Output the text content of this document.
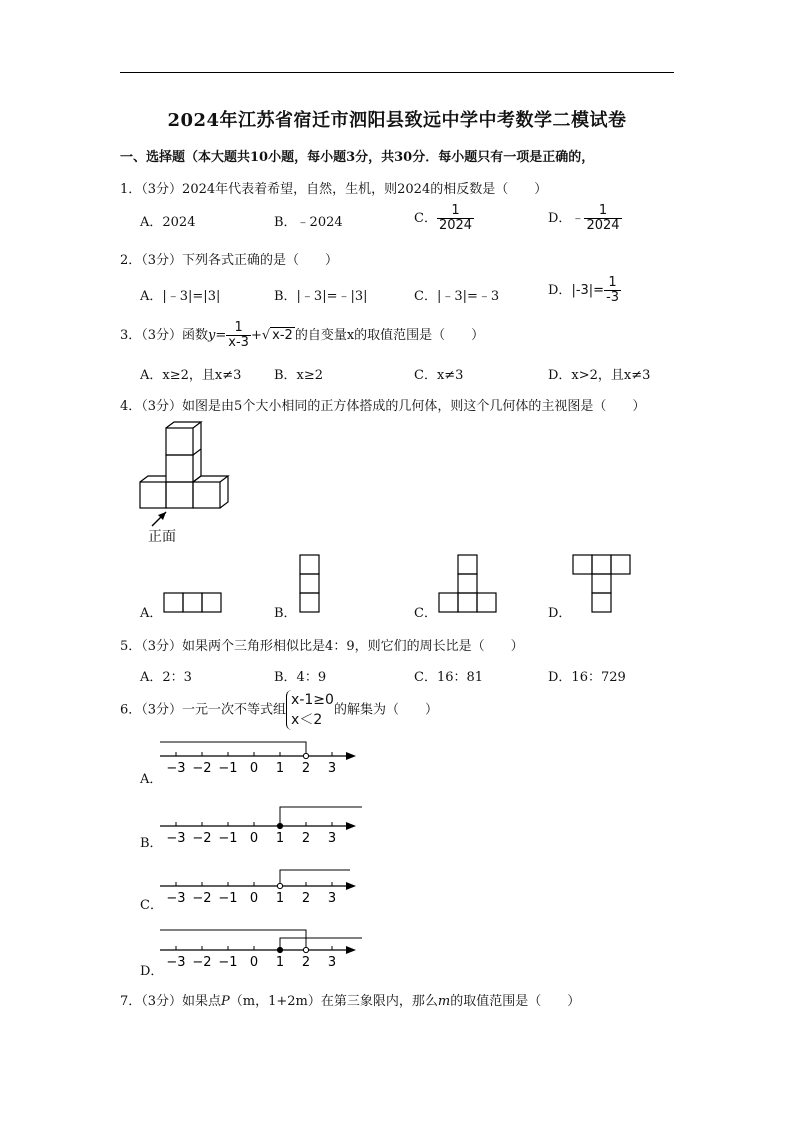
2024年江苏省宿迁市泗阳县致远中学中考数学二模试卷
一、选择题（本大题共10小题，每小题3分，共30分．每小题只有一项是正确的，
1．（3分）2024年代表着希望，自然，生机，则2024的相反数是（　　）
A．2024	B．﹣2024	C． $\frac{1}{2024}$	D．﹣ $\frac{1}{2024}$
2．（3分）下列各式正确的是（　　）
A．|﹣3|=|3|	B．|﹣3|=﹣|3|	C．|﹣3|=﹣3	D．$|-3|= \frac{1}{-3}$
3．（3分）函数$y= \frac{1}{x-3}$ +√ x-2 的自变量x的取值范围是（　　）
A．x≥2，且x≠3	B．x≥2	C．x≠3	D．x>2，且x≠3
4．（3分）如图是由5个大小相同的正方体搭成的几何体，则这个几何体的主视图是（　　）
正面
A．	B．	C．	D．
5．（3分）如果两个三角形相似比是4：9，则它们的周长比是（　　）
A．2：3	B．4：9	C．16：81	D．16：729
6．（3分）一元一次不等式组
x-1≥0
x＜2
的解集为（　　）
A．
−3 −2 −1 0 1 2 3
B． −3 −2 −1 0 1 2 3
C． −3 −2 −1 0 1 2 3
D．
−3 −2 −1 0 1 2 3
7．（3分）如果点P（m，1+2m）在第三象限内，那么m的取值范围是（　　）
